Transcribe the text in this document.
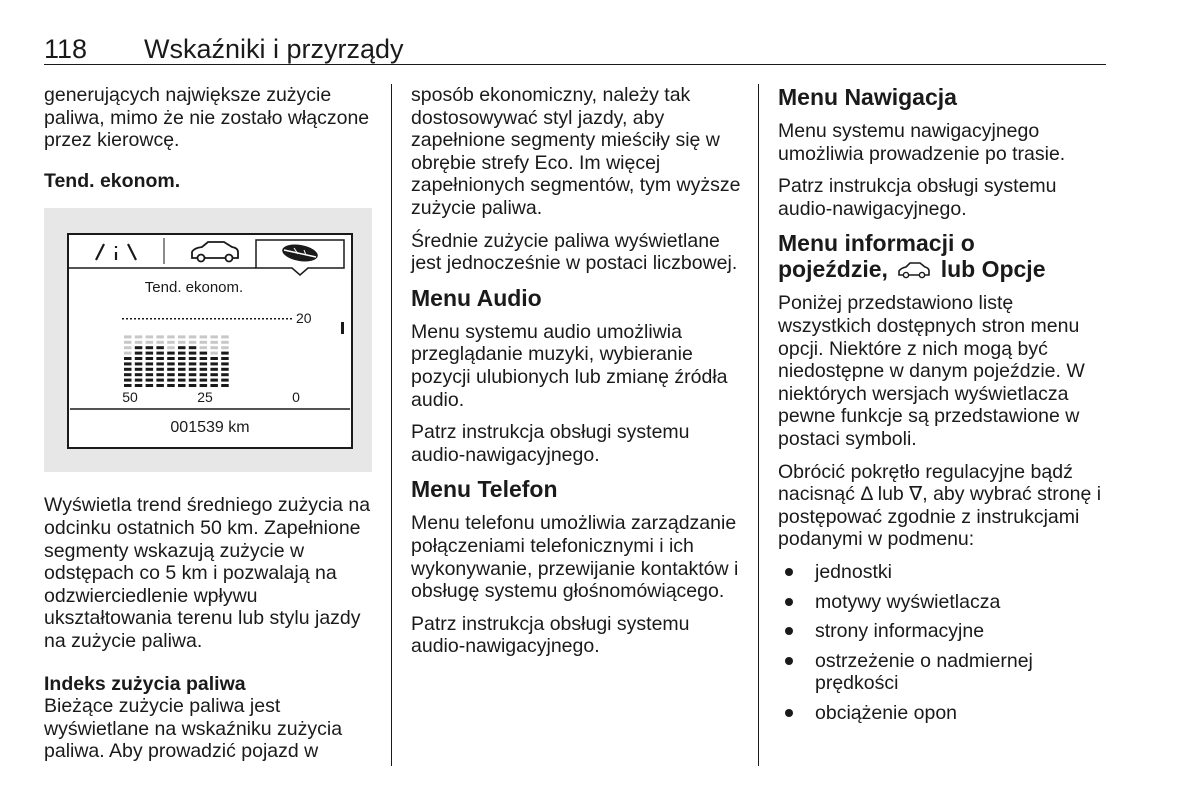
118 Wskaźniki i przyrządy

generujących największe zużycie paliwa, mimo że nie zostało włączone przez kierowcę.

Tend. ekonom.

Tend. ekonom.
20
50	25	0
001539 km

Wyświetla trend średniego zużycia na odcinku ostatnich 50 km. Zapełnione segmenty wskazują zużycie w odstępach co 5 km i pozwalają na odzwierciedlenie wpływu ukształtowania terenu lub stylu jazdy na zużycie paliwa.

Indeks zużycia paliwa

Bieżące zużycie paliwa jest wyświetlane na wskaźniku zużycia paliwa. Aby prowadzić pojazd w

sposób ekonomiczny, należy tak dostosowywać styl jazdy, aby zapełnione segmenty mieściły się w obrębie strefy Eco. Im więcej zapełnionych segmentów, tym wyższe zużycie paliwa.

Średnie zużycie paliwa wyświetlane jest jednocześnie w postaci liczbowej.

Menu Audio

Menu systemu audio umożliwia przeglądanie muzyki, wybieranie pozycji ulubionych lub zmianę źródła audio.

Patrz instrukcja obsługi systemu audio-nawigacyjnego.

Menu Telefon

Menu telefonu umożliwia zarządzanie połączeniami telefonicznymi i ich wykonywanie, przewijanie kontaktów i obsługę systemu głośnomówiącego.

Patrz instrukcja obsługi systemu audio-nawigacyjnego.

Menu Nawigacja

Menu systemu nawigacyjnego umożliwia prowadzenie po trasie.

Patrz instrukcja obsługi systemu audio-nawigacyjnego.

Menu informacji o
pojeździe, lub Opcje

Poniżej przedstawiono listę wszystkich dostępnych stron menu opcji. Niektóre z nich mogą być niedostępne w danym pojeździe. W niektórych wersjach wyświetlacza pewne funkcje są przedstawione w postaci symboli.

Obrócić pokrętło regulacyjne bądź nacisnąć Δ lub ∇, aby wybrać stronę i postępować zgodnie z instrukcjami podanymi w podmenu:

jednostki
motywy wyświetlacza
strony informacyjne
ostrzeżenie o nadmiernej prędkości
obciążenie opon
